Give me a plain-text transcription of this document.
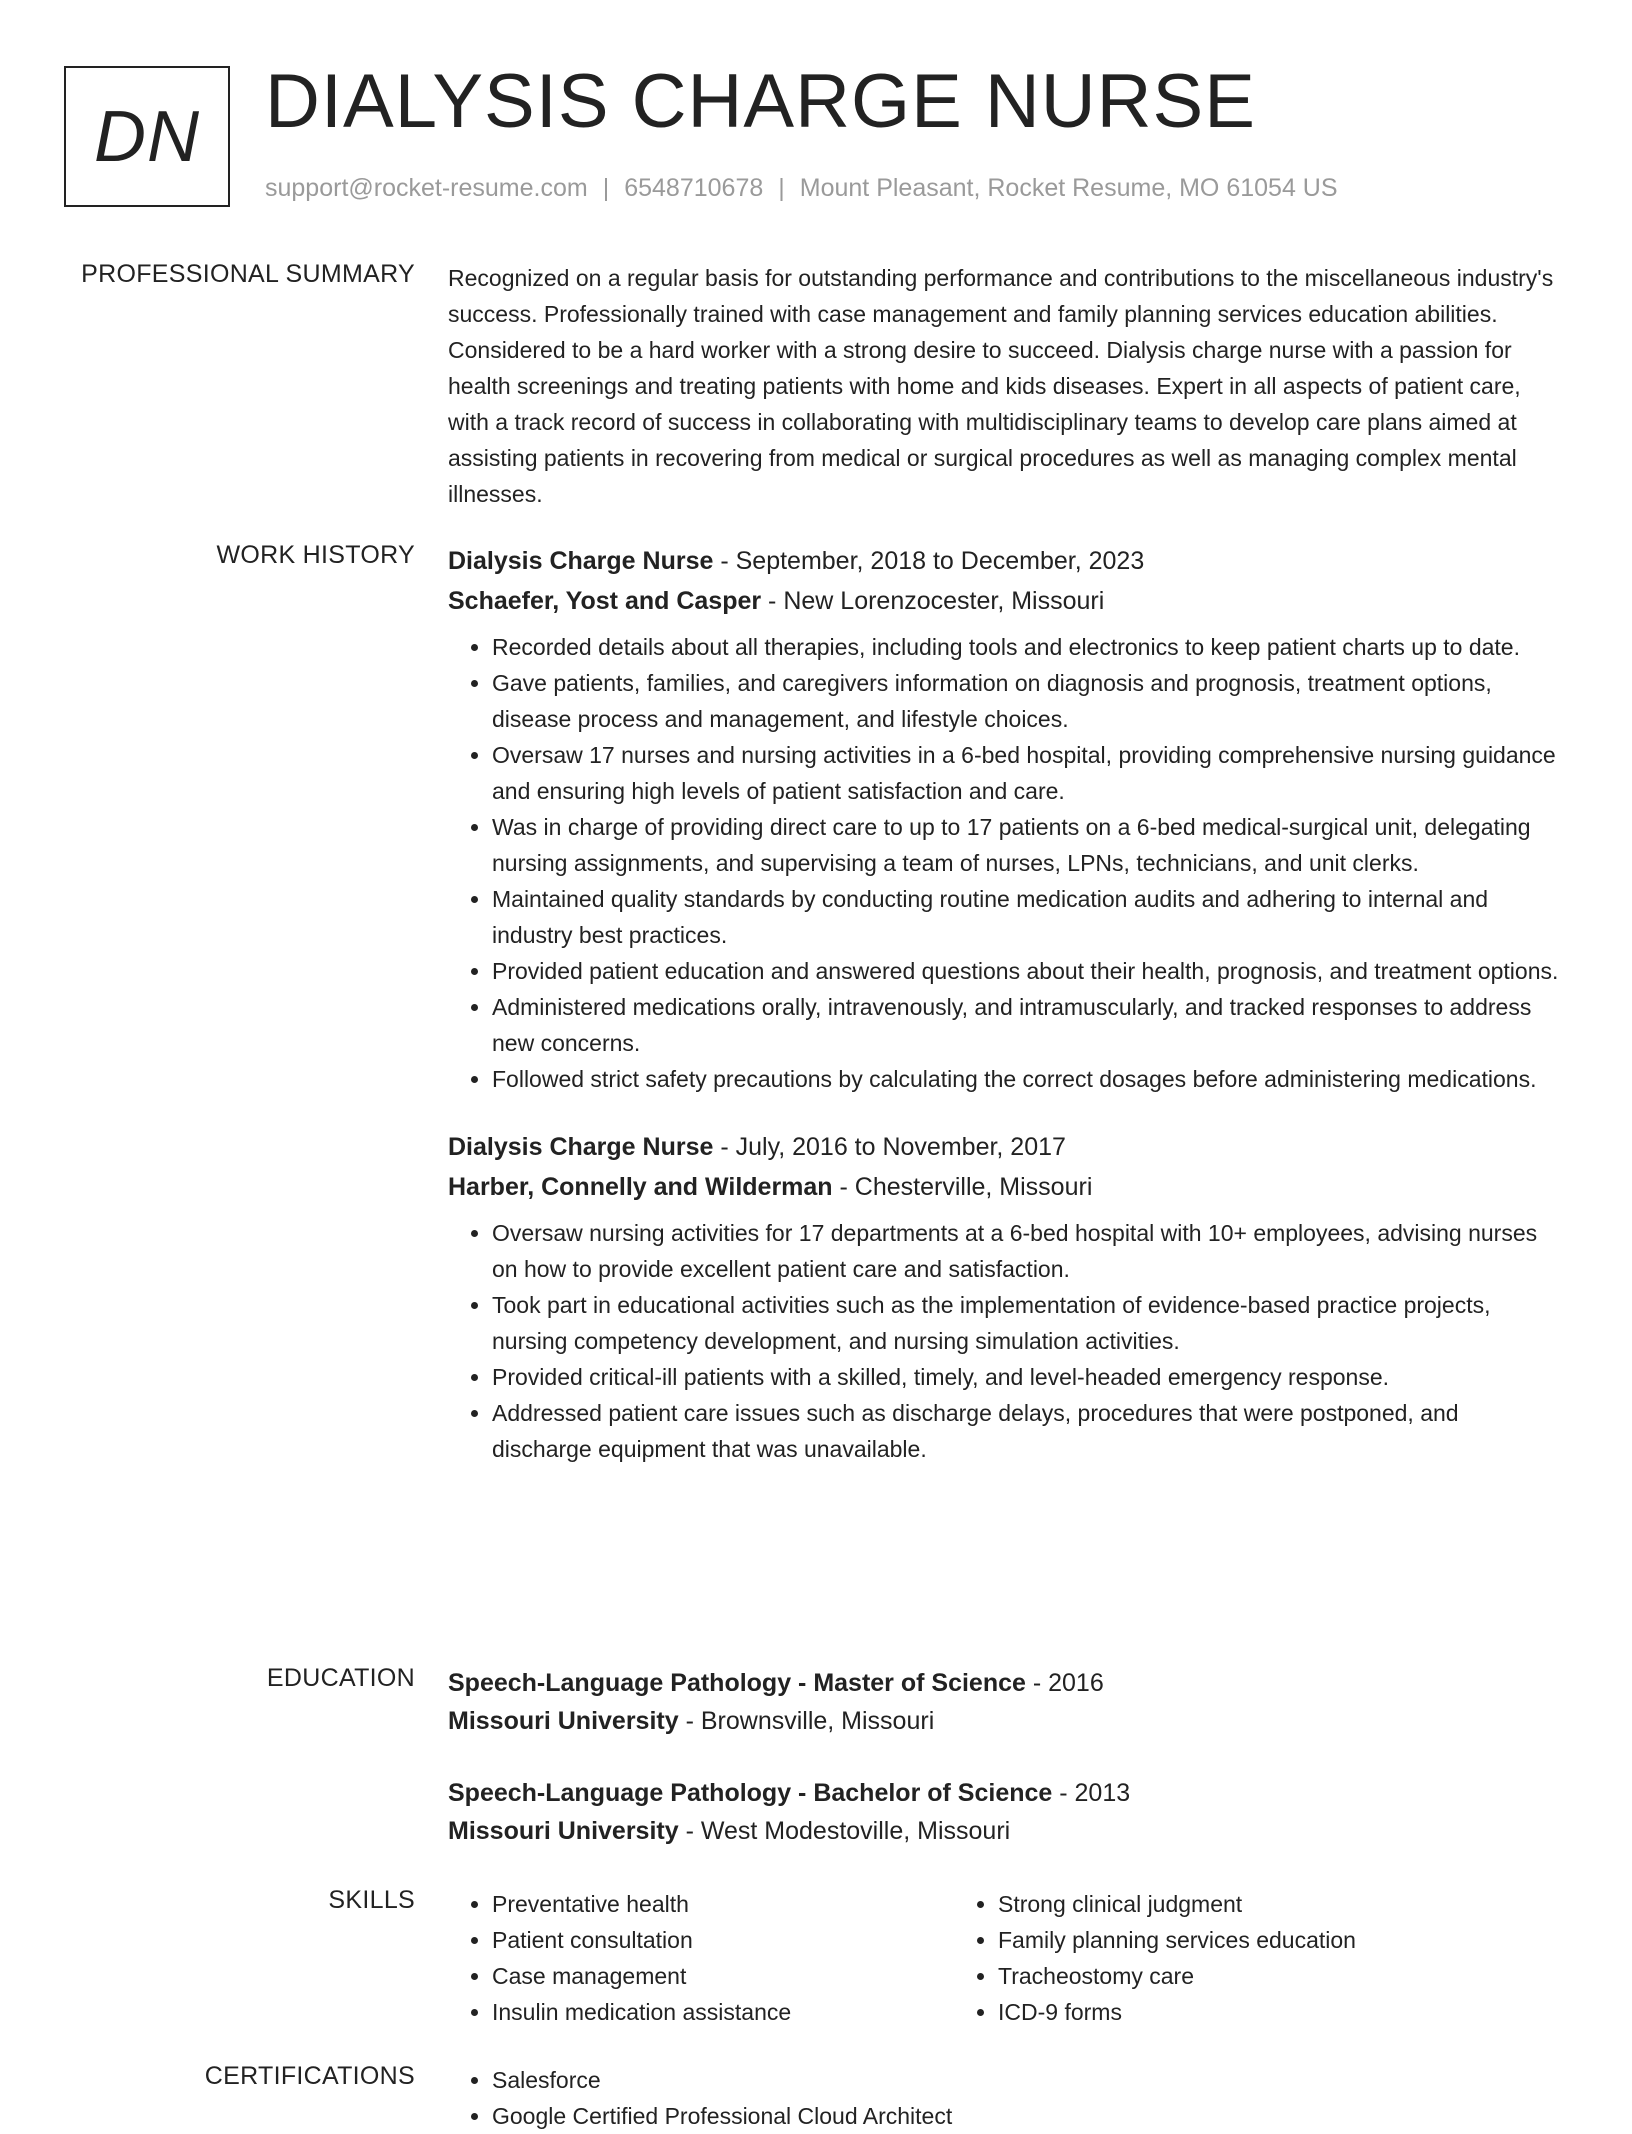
DN DIALYSIS CHARGE NURSE
support@rocket-resume.com | 6548710678 | Mount Pleasant, Rocket Resume, MO 61054 US
PROFESSIONAL SUMMARY Recognized on a regular basis for outstanding performance and contributions to the miscellaneous industry's success. Professionally trained with case management and family planning services education abilities. Considered to be a hard worker with a strong desire to succeed. Dialysis charge nurse with a passion for health screenings and treating patients with home and kids diseases. Expert in all aspects of patient care, with a track record of success in collaborating with multidisciplinary teams to develop care plans aimed at assisting patients in recovering from medical or surgical procedures as well as managing complex mental illnesses.

WORK HISTORY Dialysis Charge Nurse - September, 2018 to December, 2023
Schaefer, Yost and Casper - New Lorenzocester, Missouri
• Recorded details about all therapies, including tools and electronics to keep patient charts up to date.
• Gave patients, families, and caregivers information on diagnosis and prognosis, treatment options, disease process and management, and lifestyle choices.
• Oversaw 17 nurses and nursing activities in a 6-bed hospital, providing comprehensive nursing guidance and ensuring high levels of patient satisfaction and care.
• Was in charge of providing direct care to up to 17 patients on a 6-bed medical-surgical unit, delegating nursing assignments, and supervising a team of nurses, LPNs, technicians, and unit clerks.
• Maintained quality standards by conducting routine medication audits and adhering to internal and industry best practices.
• Provided patient education and answered questions about their health, prognosis, and treatment options.
• Administered medications orally, intravenously, and intramuscularly, and tracked responses to address new concerns.
• Followed strict safety precautions by calculating the correct dosages before administering medications.
Dialysis Charge Nurse - July, 2016 to November, 2017
Harber, Connelly and Wilderman - Chesterville, Missouri
• Oversaw nursing activities for 17 departments at a 6-bed hospital with 10+ employees, advising nurses on how to provide excellent patient care and satisfaction.
• Took part in educational activities such as the implementation of evidence-based practice projects, nursing competency development, and nursing simulation activities.
• Provided critical-ill patients with a skilled, timely, and level-headed emergency response.
• Addressed patient care issues such as discharge delays, procedures that were postponed, and discharge equipment that was unavailable.
EDUCATION Speech-Language Pathology - Master of Science - 2016
Missouri University - Brownsville, Missouri
Speech-Language Pathology - Bachelor of Science - 2013
Missouri University - West Modestoville, Missouri
SKILLS	• Preventative health
• Patient consultation
• Case management
• Insulin medication assistance
• Strong clinical judgment
• Family planning services education
• Tracheostomy care
• ICD-9 forms
CERTIFICATIONS	• Salesforce
• Google Certified Professional Cloud Architect
